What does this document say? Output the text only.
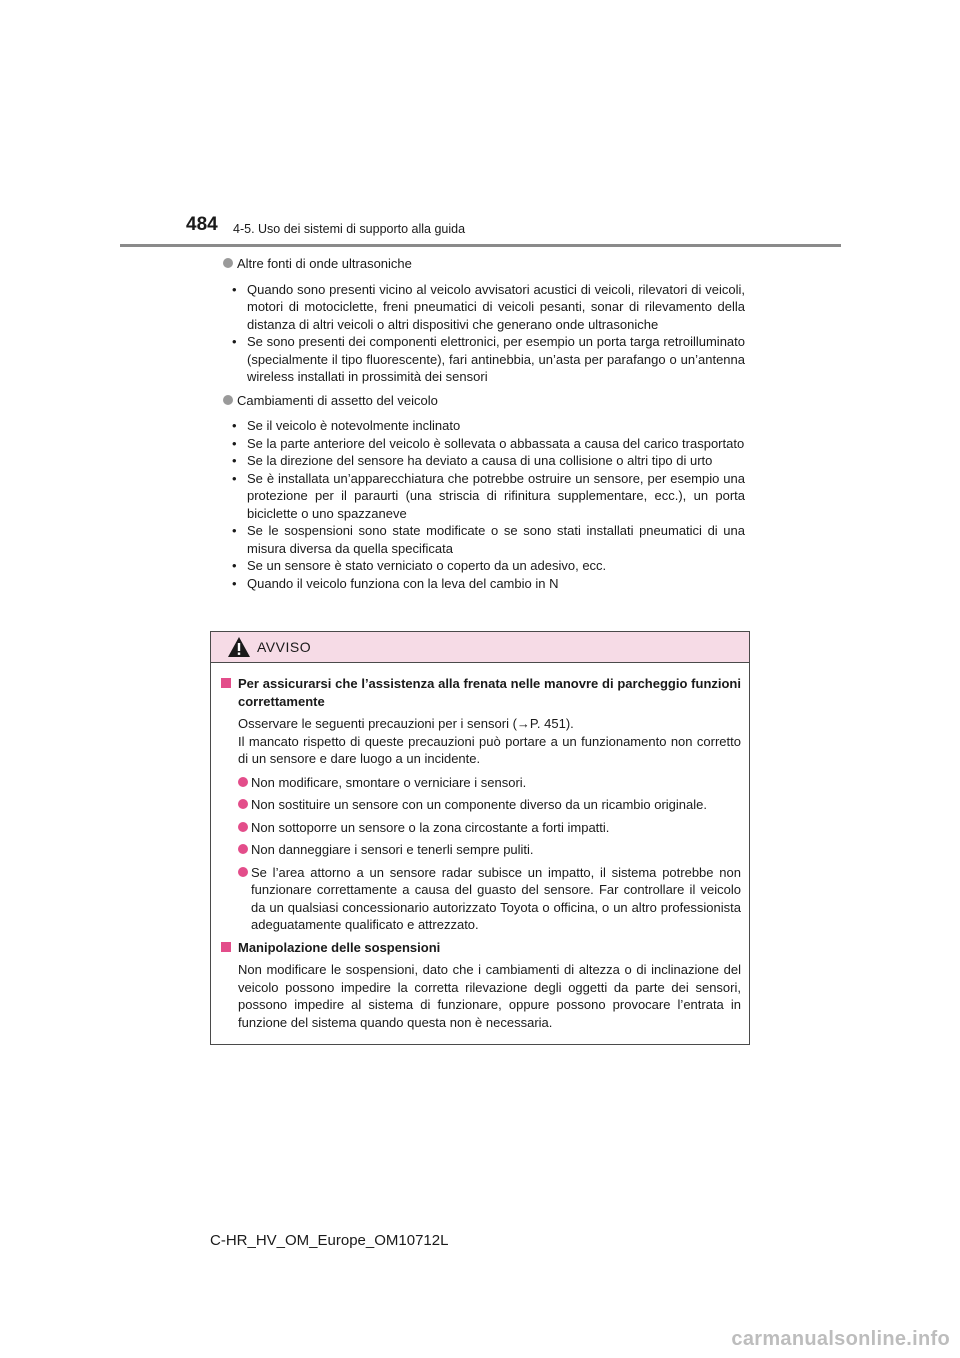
484 4-5. Uso dei sistemi di supporto alla guida
Altre fonti di onde ultrasoniche
• Quando sono presenti vicino al veicolo avvisatori acustici di veicoli, rilevatori di veicoli, motori di motociclette, freni pneumatici di veicoli pesanti, sonar di rilevamento della distanza di altri veicoli o altri dispositivi che generano onde ultrasoniche
• Se sono presenti dei componenti elettronici, per esempio un porta targa retroilluminato (specialmente il tipo fluorescente), fari antinebbia, un’asta per parafango o un’antenna wireless installati in prossimità dei sensori
Cambiamenti di assetto del veicolo
• Se il veicolo è notevolmente inclinato
• Se la parte anteriore del veicolo è sollevata o abbassata a causa del carico trasportato
• Se la direzione del sensore ha deviato a causa di una collisione o altri tipo di urto
• Se è installata un’apparecchiatura che potrebbe ostruire un sensore, per esempio una protezione per il paraurti (una striscia di rifinitura supplementare, ecc.), un porta biciclette o uno spazzaneve
• Se le sospensioni sono state modificate o se sono stati installati pneumatici di una misura diversa da quella specificata
• Se un sensore è stato verniciato o coperto da un adesivo, ecc.
• Quando il veicolo funziona con la leva del cambio in N
AVVISO
Per assicurarsi che l’assistenza alla frenata nelle manovre di parcheggio funzioni correttamente
Osservare le seguenti precauzioni per i sensori (→P. 451).
Il mancato rispetto di queste precauzioni può portare a un funzionamento non corretto di un sensore e dare luogo a un incidente.
Non modificare, smontare o verniciare i sensori.
Non sostituire un sensore con un componente diverso da un ricambio originale.
Non sottoporre un sensore o la zona circostante a forti impatti.
Non danneggiare i sensori e tenerli sempre puliti.
Se l’area attorno a un sensore radar subisce un impatto, il sistema potrebbe non funzionare correttamente a causa del guasto del sensore. Far controllare il veicolo da un qualsiasi concessionario autorizzato Toyota o officina, o un altro professionista adeguatamente qualificato e attrezzato.
Manipolazione delle sospensioni
Non modificare le sospensioni, dato che i cambiamenti di altezza o di inclinazione del veicolo possono impedire la corretta rilevazione degli oggetti da parte dei sensori, possono impedire al sistema di funzionare, oppure possono provocare l’entrata in funzione del sistema quando questa non è necessaria.
C-HR_HV_OM_Europe_OM10712L
carmanualsonline.info
